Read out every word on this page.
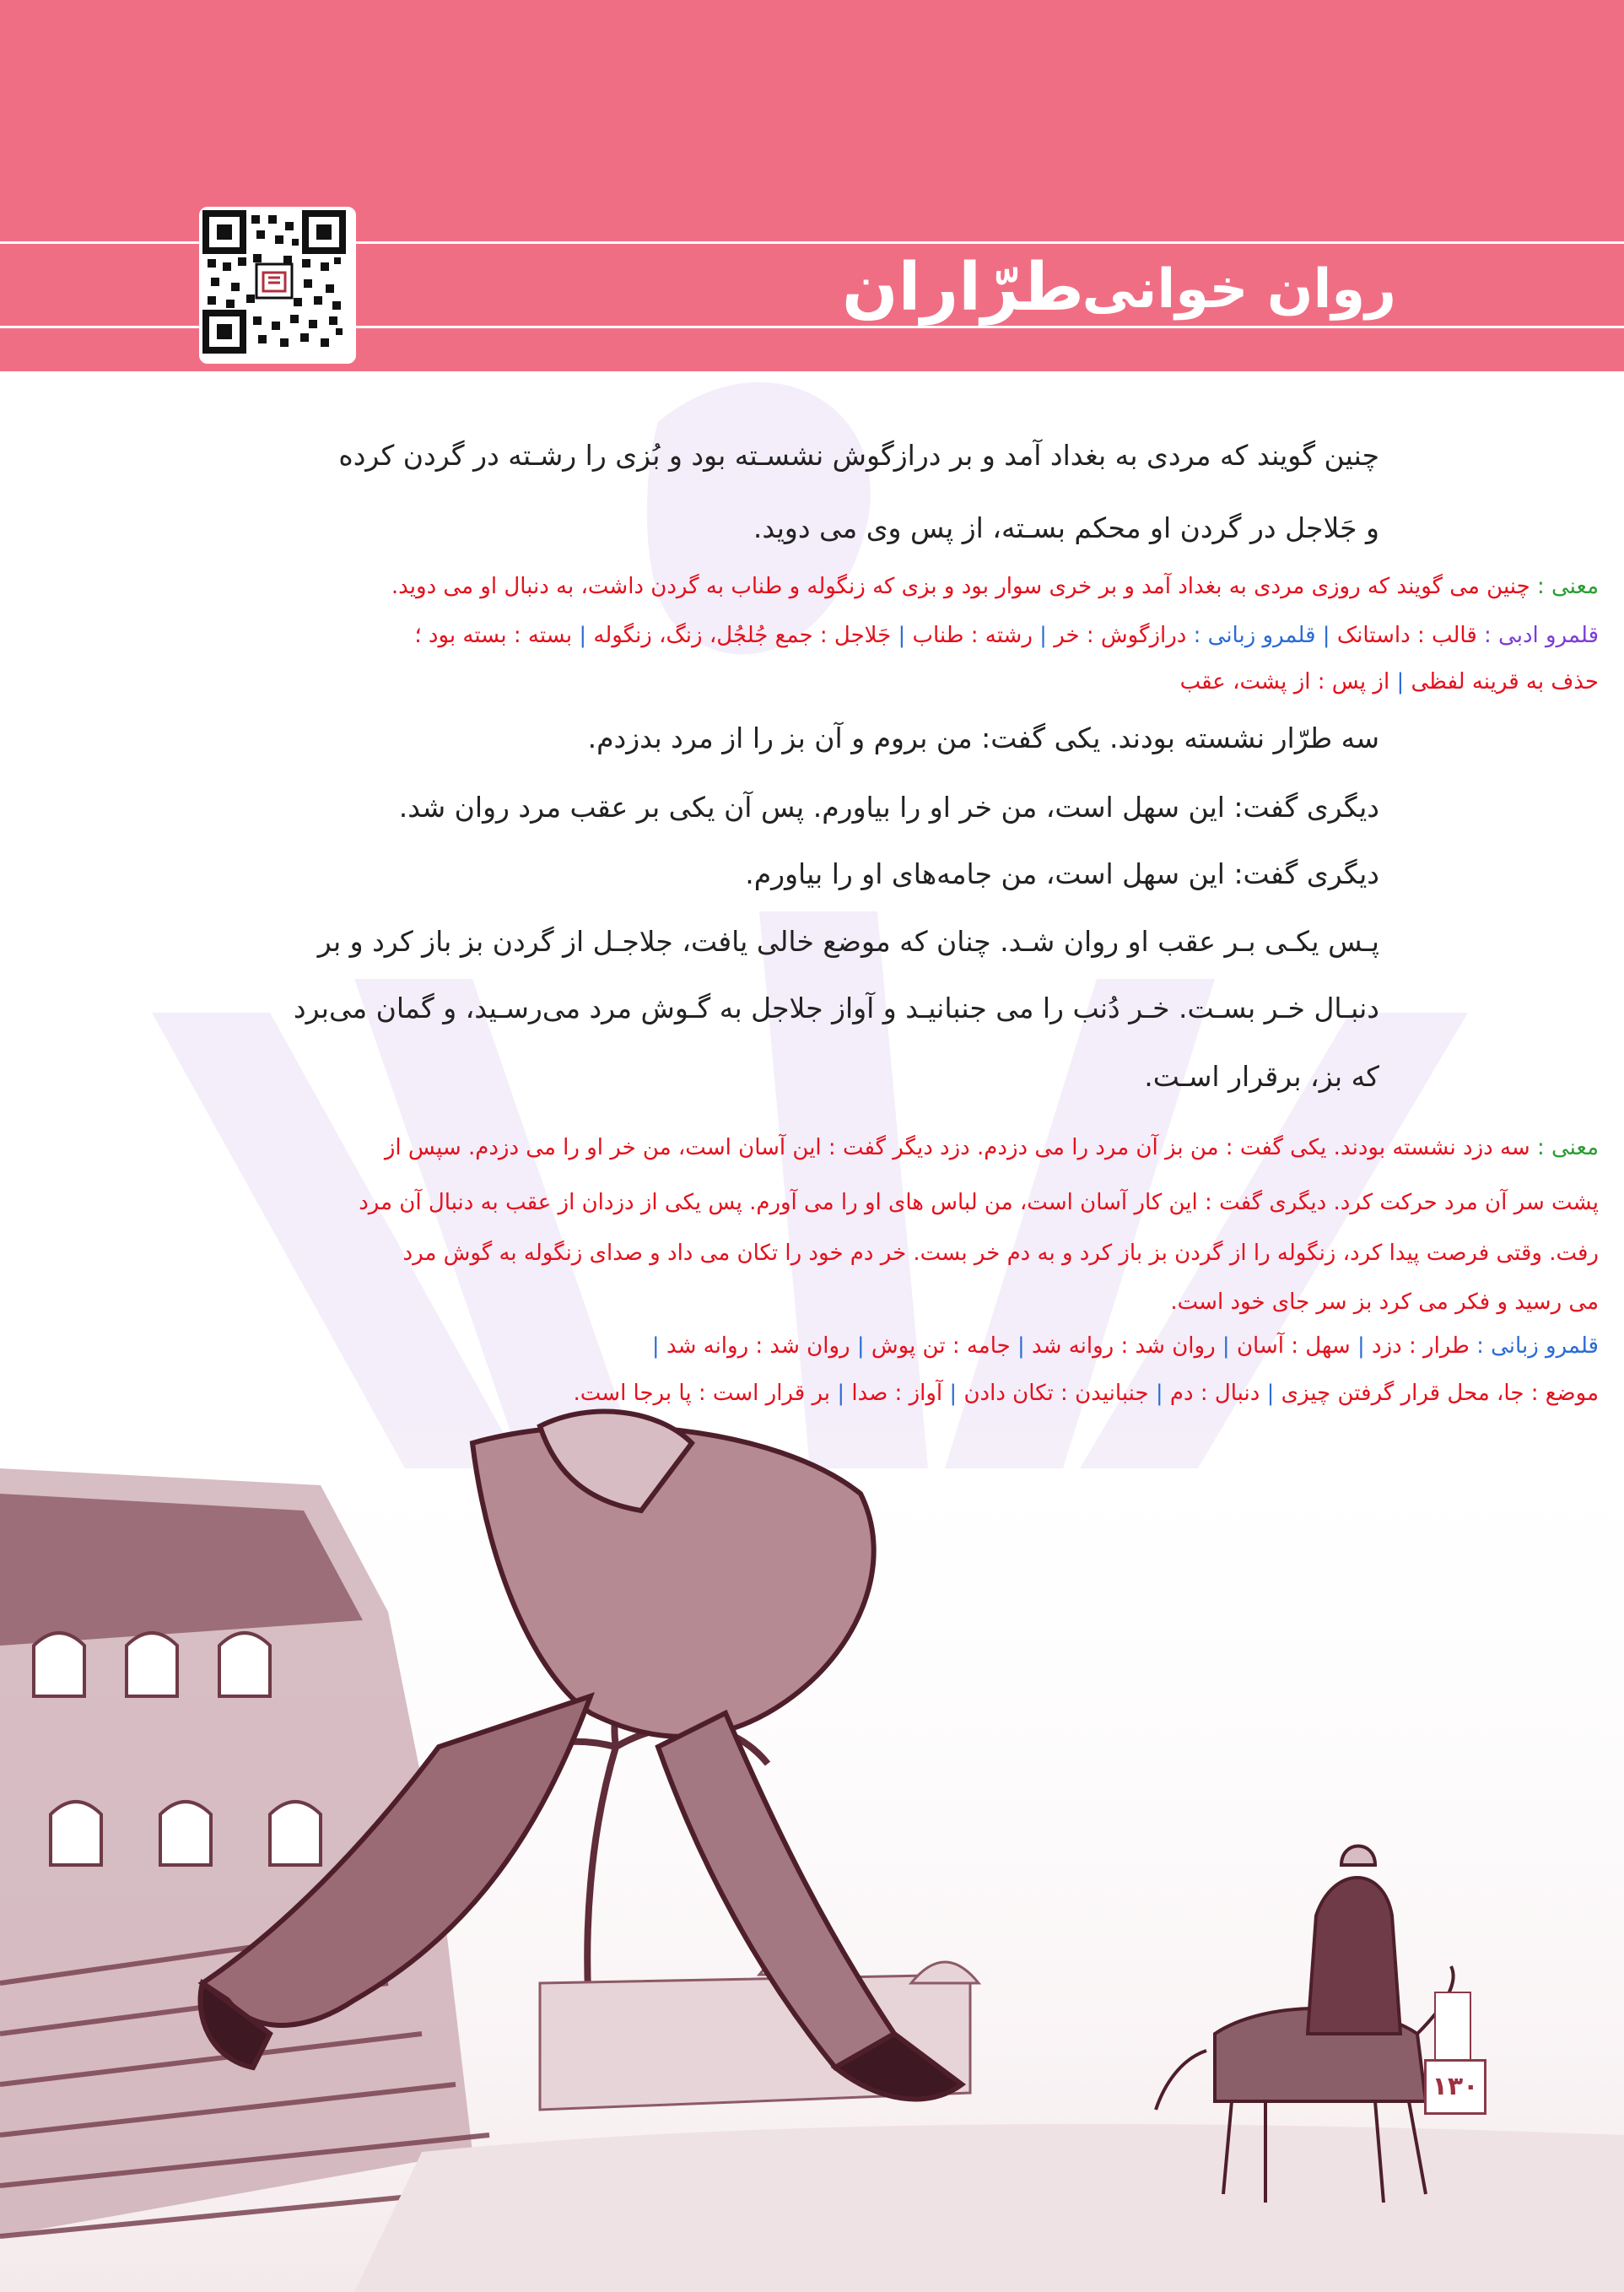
روان خوانی
طرّاران
چنین گویند که مردی به بغداد آمد و بر درازگوش نشسـته بود و بُزی را رشـته در گردن کرده
و جَلاجل در گردن او محکم بسـته، از پس وی می دوید.
معنی : چنین می گویند که روزی مردی به بغداد آمد و بر خری سوار بود و بزی که زنگوله و طناب به گردن داشت، به دنبال او می دوید.
قلمرو ادبی : قالب : داستانک | قلمرو زبانی : درازگوش : خر | رشته : طناب | جَلاجل : جمع جُلجُل، زنگ، زنگوله | بسته : بسته بود ؛
حذف به قرینه لفظی | از پس : از پشت، عقب
سه طرّار نشسته بودند. یکی گفت: من بروم و آن بز را از مرد بدزدم.
دیگری گفت: این سهل است، من خر او را بیاورم. پس آن یکی بر عقب مرد روان شد.
دیگری گفت: این سهل است، من جامه‌های او را بیاورم.
پـس یکـی بـر عقب او روان شـد. چنان که موضع خالی یافت، جلاجـل از گردن بز باز کرد و بر
دنبـال خـر بسـت. خـر دُنب را می جنبانیـد و آواز جلاجل به گـوش مرد می‌رسـید، و گمان می‌برد
که بز، برقرار اسـت.
معنی : سه دزد نشسته بودند. یکی گفت : من بز آن مرد را می دزدم. دزد دیگر گفت : این آسان است، من خر او را می دزدم. سپس از
پشت سر آن مرد حرکت کرد. دیگری گفت : این کار آسان است، من لباس های او را می آورم. پس یکی از دزدان از عقب به دنبال آن مرد
رفت. وقتی فرصت پیدا کرد، زنگوله را از گردن بز باز کرد و به دم خر بست. خر دم خود را تکان می داد و صدای زنگوله به گوش مرد
می رسید و فکر می کرد بز سر جای خود است.
قلمرو زبانی : طرار : دزد | سهل : آسان | روان شد : روانه شد | جامه : تن پوش | روان شد : روانه شد |
موضع : جا، محل قرار گرفتن چیزی | دنبال : دم | جنبانیدن : تکان دادن | آواز : صدا | بر قرار است : پا برجا است.
۱۳۰
